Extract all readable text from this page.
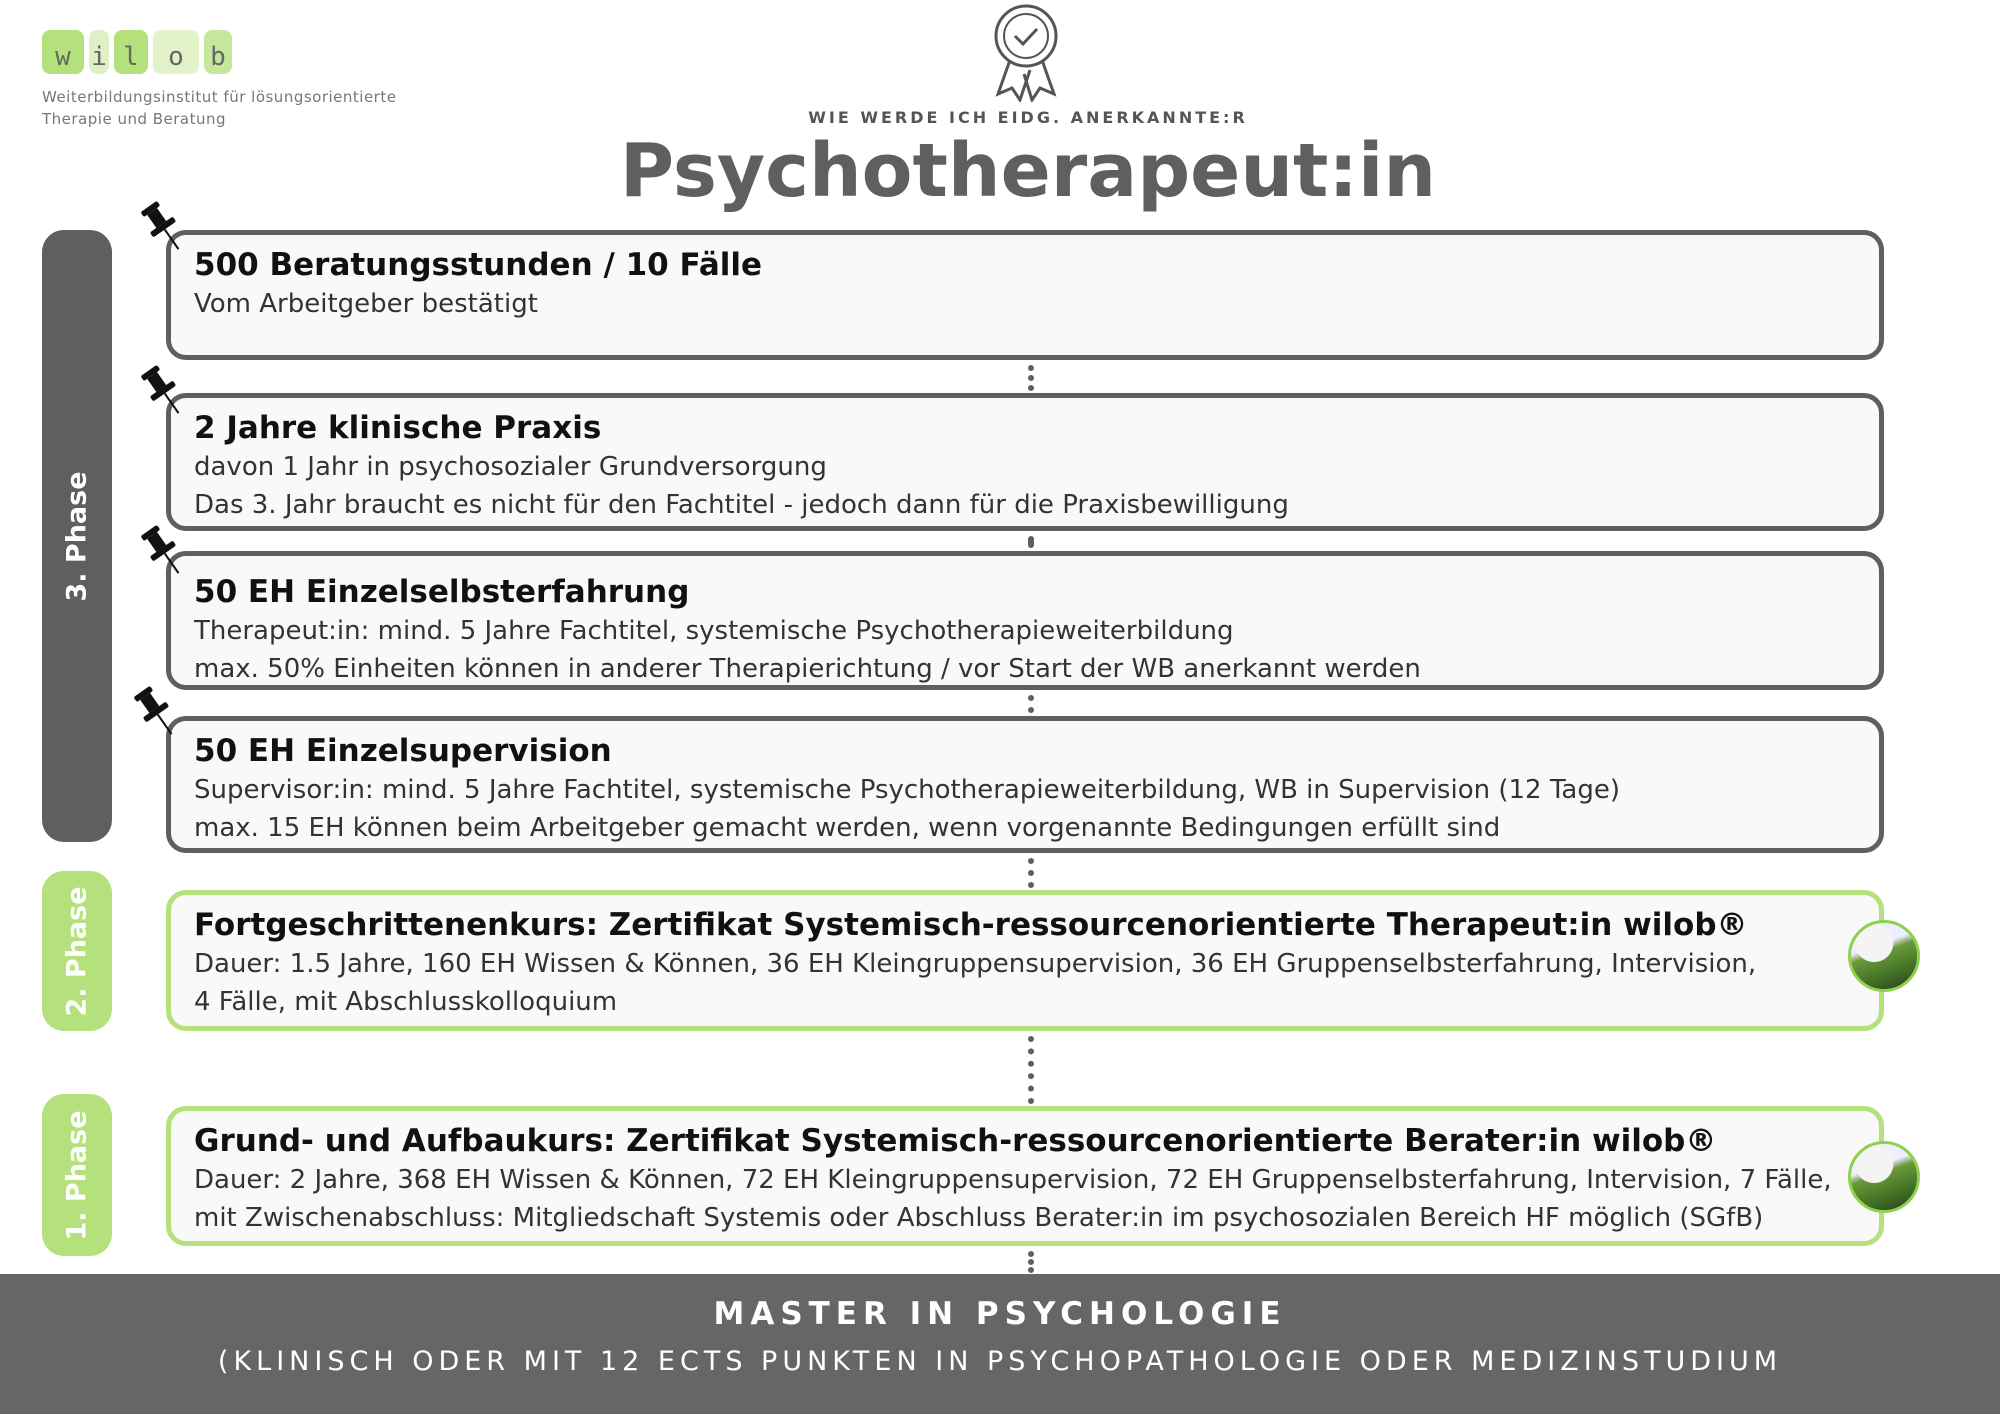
w i l	o	b
Weiterbildungsinstitut für lösungsorientierte
Therapie und Beratung	WIE WERDE ICH EIDG. ANERKANNTE:R
Psychotherapeut:in
3. Phase
2. Phase
1. Phase
500 Beratungsstunden / 10 Fälle

Vom Arbeitgeber bestätigt

2 Jahre klinische Praxis

davon 1 Jahr in psychosozialer Grundversorgung

Das 3. Jahr braucht es nicht für den Fachtitel - jedoch dann für die Praxisbewilligung

50 EH Einzelselbsterfahrung

Therapeut:in: mind. 5 Jahre Fachtitel, systemische Psychotherapieweiterbildung

max. 50% Einheiten können in anderer Therapierichtung / vor Start der WB anerkannt werden

50 EH Einzelsupervision

Supervisor:in: mind. 5 Jahre Fachtitel, systemische Psychotherapieweiterbildung, WB in Supervision (12 Tage)

max. 15 EH können beim Arbeitgeber gemacht werden, wenn vorgenannte Bedingungen erfüllt sind

Fortgeschrittenenkurs: Zertifikat Systemisch-ressourcenorientierte Therapeut:in wilob®

Dauer: 1.5 Jahre, 160 EH Wissen & Können, 36 EH Kleingruppensupervision, 36 EH Gruppenselbsterfahrung, Intervision,

4 Fälle, mit Abschlusskolloquium

Grund- und Aufbaukurs: Zertifikat Systemisch-ressourcenorientierte Berater:in wilob®

Dauer: 2 Jahre, 368 EH Wissen & Können, 72 EH Kleingruppensupervision, 72 EH Gruppenselbsterfahrung, Intervision, 7 Fälle,

mit Zwischenabschluss: Mitgliedschaft Systemis oder Abschluss Berater:in im psychosozialen Bereich HF möglich (SGfB)

MASTER IN PSYCHOLOGIE
(KLINISCH ODER MIT 12 ECTS PUNKTEN IN PSYCHOPATHOLOGIE ODER MEDIZINSTUDIUM
